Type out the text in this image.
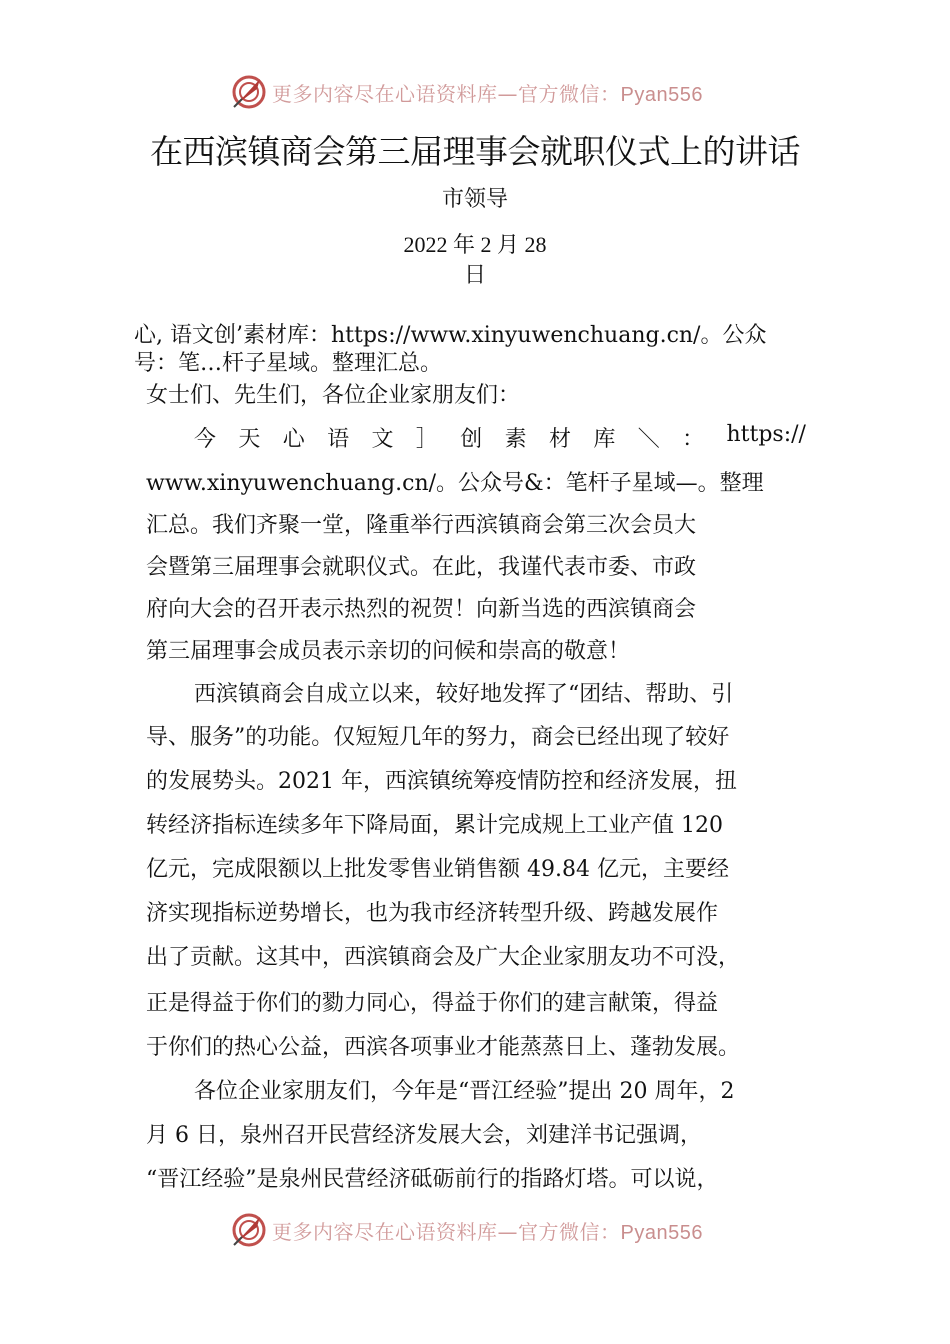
更多内容尽在心语资料库—官方微信：Pyan556
在西滨镇商会第三届理事会就职仪式上的讲话
市领导
2022 年 2 月 28
日
心, 语文创’素材库：https://www.xinyuwenchuang.cn/。公众
号：笔…杆子星域。整理汇总。
女士们、先生们，各位企业家朋友们：
今 天 心 语 文 ］ 创 素 材 库 ＼ ： https://
www.xinyuwenchuang.cn/。公众号&：笔杆子星域—。整理
汇总。我们齐聚一堂，隆重举行西滨镇商会第三次会员大
会暨第三届理事会就职仪式。在此，我谨代表市委、市政
府向大会的召开表示热烈的祝贺！向新当选的西滨镇商会
第三届理事会成员表示亲切的问候和崇高的敬意！
西滨镇商会自成立以来，较好地发挥了“团结、帮助、引
导、服务”的功能。仅短短几年的努力，商会已经出现了较好
的发展势头。2021 年，西滨镇统筹疫情防控和经济发展，扭
转经济指标连续多年下降局面，累计完成规上工业产值 120
亿元，完成限额以上批发零售业销售额 49.84 亿元，主要经
济实现指标逆势增长，也为我市经济转型升级、跨越发展作
出了贡献。这其中，西滨镇商会及广大企业家朋友功不可没，
正是得益于你们的勠力同心，得益于你们的建言献策，得益
于你们的热心公益，西滨各项事业才能蒸蒸日上、蓬勃发展。
各位企业家朋友们，今年是“晋江经验”提出 20 周年，2
月 6 日，泉州召开民营经济发展大会，刘建洋书记强调，
“晋江经验”是泉州民营经济砥砺前行的指路灯塔。可以说，
更多内容尽在心语资料库—官方微信：Pyan556
